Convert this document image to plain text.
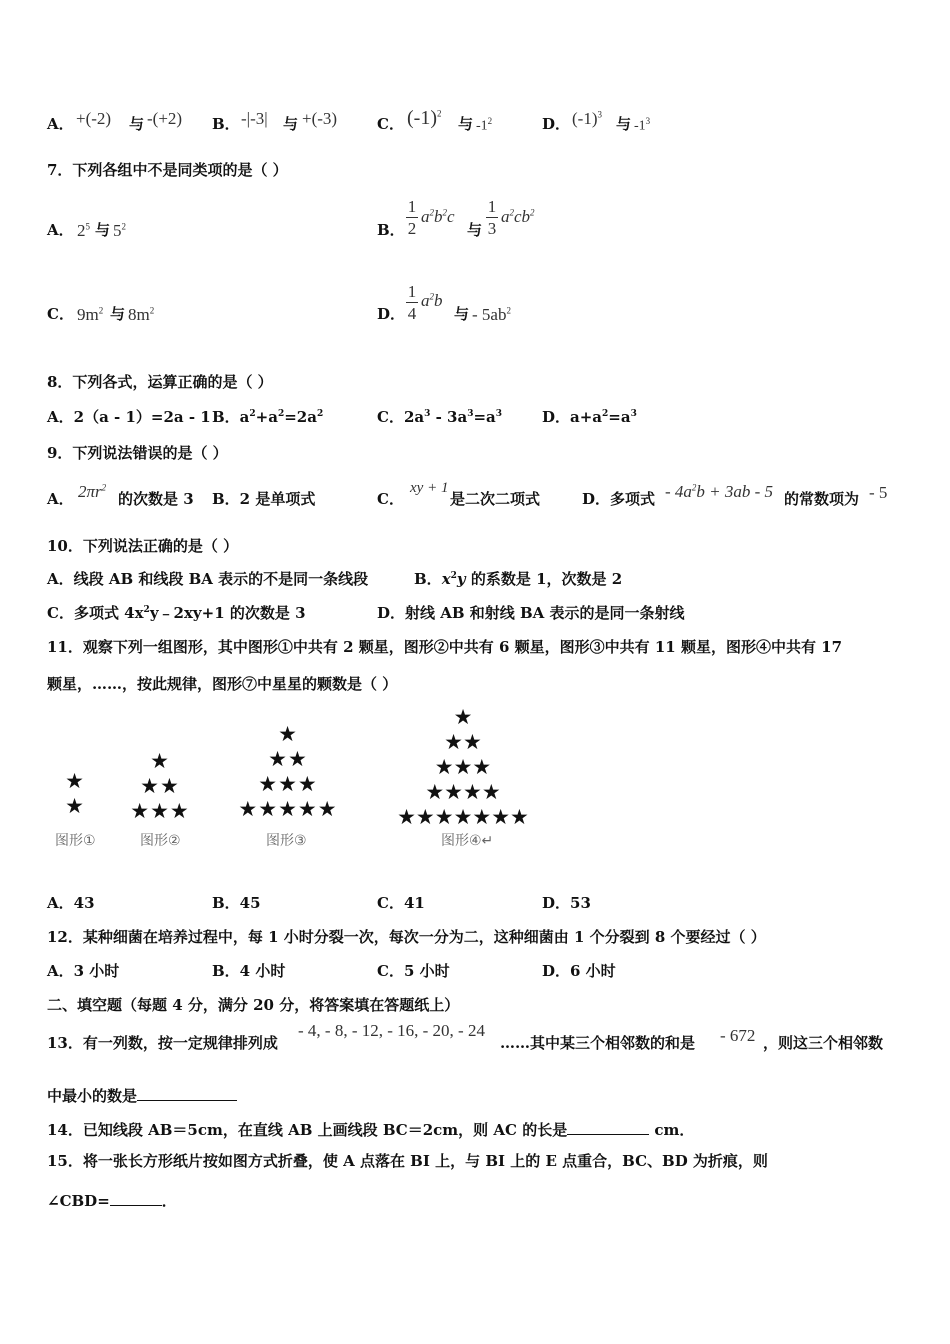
A． +(-2) 与 -(+2) B． -|-3| 与 +(-3)	C． $(-1)^2$
与 $-1^2$	D． $(-1)^3$
与 $-1^3$
7．下列各组中不是同类项的是（ ）
A． $2^5$ 与 $5^2$	B． $\frac{1}{2} a^2b^2c$
与 $\frac{1}{3} a^2cb^2$
C． $9m^2$ 与 $8m^2$	D． $\frac{1}{4} a^2b$
与 - $5ab^2$
8．下列各式，运算正确的是（ ）
A．2（a - 1）=2a - 1 B．$a^2+a^2=2a^2$	C．$2a^3 - 3a^3=a^3$	D．$a+a^2=a^3$
9．下列说法错误的是（ ）
A． $2\pi r^2$
的次数是 3 B．2 是单项式	C．
xy + 1
是二次二项式	D．多项式 - $4a^2b + 3ab - 5$ 的常数项为 - 5
10．下列说法正确的是（ ）
A．线段 AB 和线段 BA 表示的不是同一条线段	B．$x^2y$ 的系数是 1，次数是 2
C．多项式 $4x^2y﹣2xy+1$ 的次数是 3	D．射线 AB 和射线 BA 表示的是同一条射线
11．观察下列一组图形，其中图形①中共有 2 颗星，图形②中共有 6 颗星，图形③中共有 11 颗星，图形④中共有 17
颗星，……，按此规律，图形⑦中星星的颗数是（ ）
★
★
★
★★
★★★
★
★★
★★★
★★★★★
★
★★
★★★
★★★★
★★★★★★★
图形①	图形②	图形③	图形④↵
A．43	B．45	C．41	D．53
12．某种细菌在培养过程中，每 1 小时分裂一次，每次一分为二，这种细菌由 1 个分裂到 8 个要经过（ ）
A．3 小时	B．4 小时	C．5 小时	D．6 小时
二、填空题（每题 4 分，满分 20 分，将答案填在答题纸上）
13．有一列数，按一定规律排列成
- 4, - 8, - 12, - 16, - 20, - 24
……其中某三个相邻数的和是 - 672 ，则这三个相邻数
中最小的数是
14．已知线段 AB＝5cm，在直线 AB 上画线段 BC＝2cm，则 AC 的长是	cm．
15．将一张长方形纸片按如图方式折叠，使 A 点落在 BI 上，与 BI 上的 E 点重合，BC、BD 为折痕，则
∠CBD=	．
